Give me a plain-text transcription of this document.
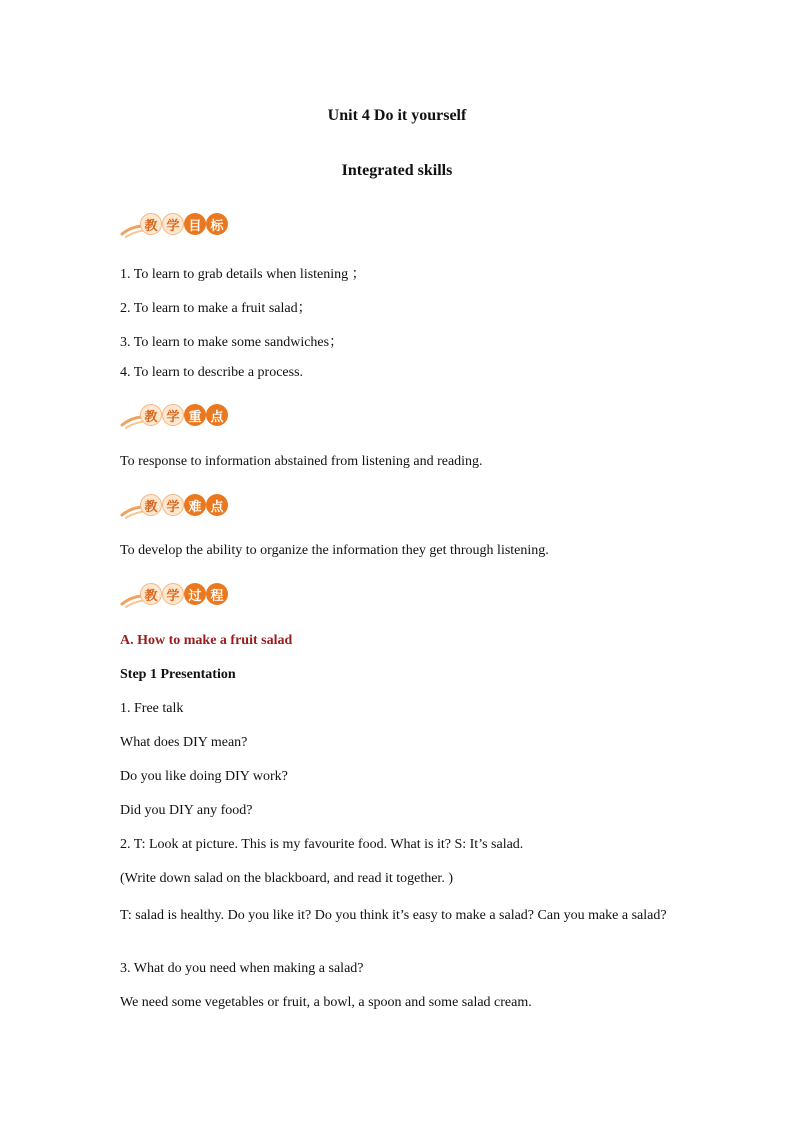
Unit 4 Do it yourself
Integrated skills
教 学 目 标
1. To learn to grab details when listening ；
2. To learn to make a fruit salad；
3. To learn to make some sandwiches；
4. To learn to describe a process.
教 学 重 点
To response to information abstained from listening and reading.
教 学 难 点
To develop the ability to organize the information they get through listening.
教 学 过 程
A. How to make a fruit salad
Step 1 Presentation
1. Free talk
What does DIY mean?
Do you like doing DIY work?
Did you DIY any food?
2. T: Look at picture. This is my favourite food. What is it? S: It’s salad.
(Write down salad on the blackboard, and read it together. )
T: salad is healthy. Do you like it? Do you think it’s easy to make a salad? Can you make a salad?
3. What do you need when making a salad?
We need some vegetables or fruit, a bowl, a spoon and some salad cream.
